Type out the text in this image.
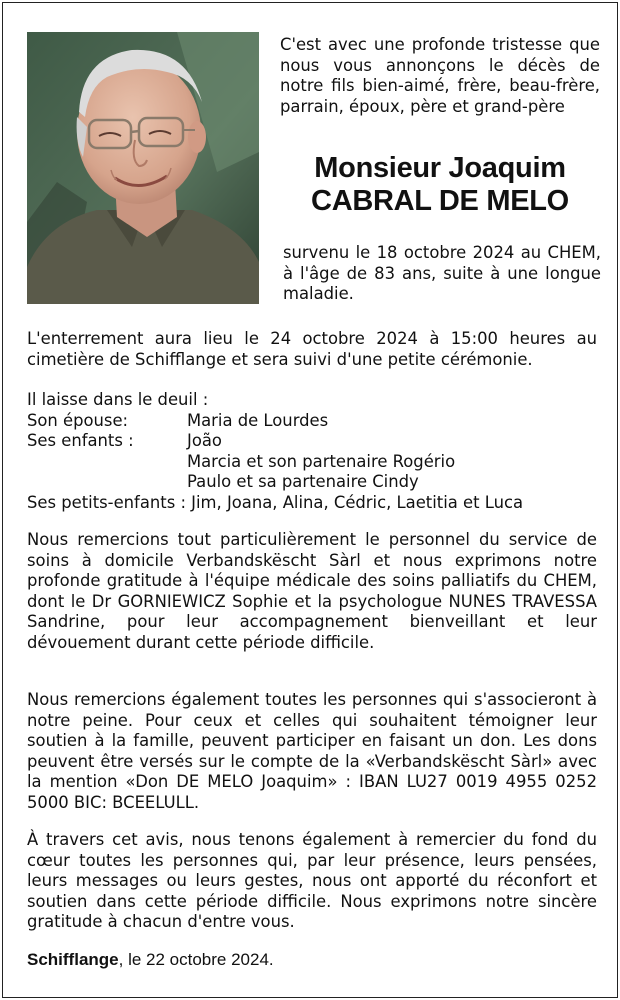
C'est avec une profonde tristesse que nous vous annonçons le décès de notre fils bien-aimé, frère, beau-frère, parrain, époux, père et grand-père

Monsieur Joaquim
CABRAL DE MELO
survenu le 18 octobre 2024 au CHEM, à l'âge de 83 ans, suite à une longue maladie.

L'enterrement aura lieu le 24 octobre 2024 à 15:00 heures au cimetière de Schifflange et sera suivi d'une petite cérémonie.

Il laisse dans le deuil :
Son épouse:	Maria de Lourdes
Ses enfants :	João
Marcia et son partenaire Rogério
Paulo et sa partenaire Cindy
Ses petits-enfants : Jim, Joana, Alina, Cédric, Laetitia et Luca

Nous remercions tout particulièrement le personnel du service de soins à domicile Verbandskëscht Sàrl et nous exprimons notre profonde gratitude à l'équipe médicale des soins palliatifs du CHEM, dont le Dr GORNIEWICZ Sophie et la psychologue NUNES TRAVESSA Sandrine, pour leur accompagnement bienveillant et leur dévouement durant cette période difficile.

Nous remercions également toutes les personnes qui s'associeront à notre peine. Pour ceux et celles qui souhaitent témoigner leur soutien à la famille, peuvent participer en faisant un don. Les dons peuvent être versés sur le compte de la «Verbandskëscht Sàrl» avec la mention «Don DE MELO Joaquim» : IBAN LU27 0019 4955 0252 5000 BIC: BCEELULL.

À travers cet avis, nous tenons également à remercier du fond du cœur toutes les personnes qui, par leur présence, leurs pensées, leurs messages ou leurs gestes, nous ont apporté du réconfort et soutien dans cette période difficile. Nous exprimons notre sincère gratitude à chacun d'entre vous.

Schifflange, le 22 octobre 2024.
